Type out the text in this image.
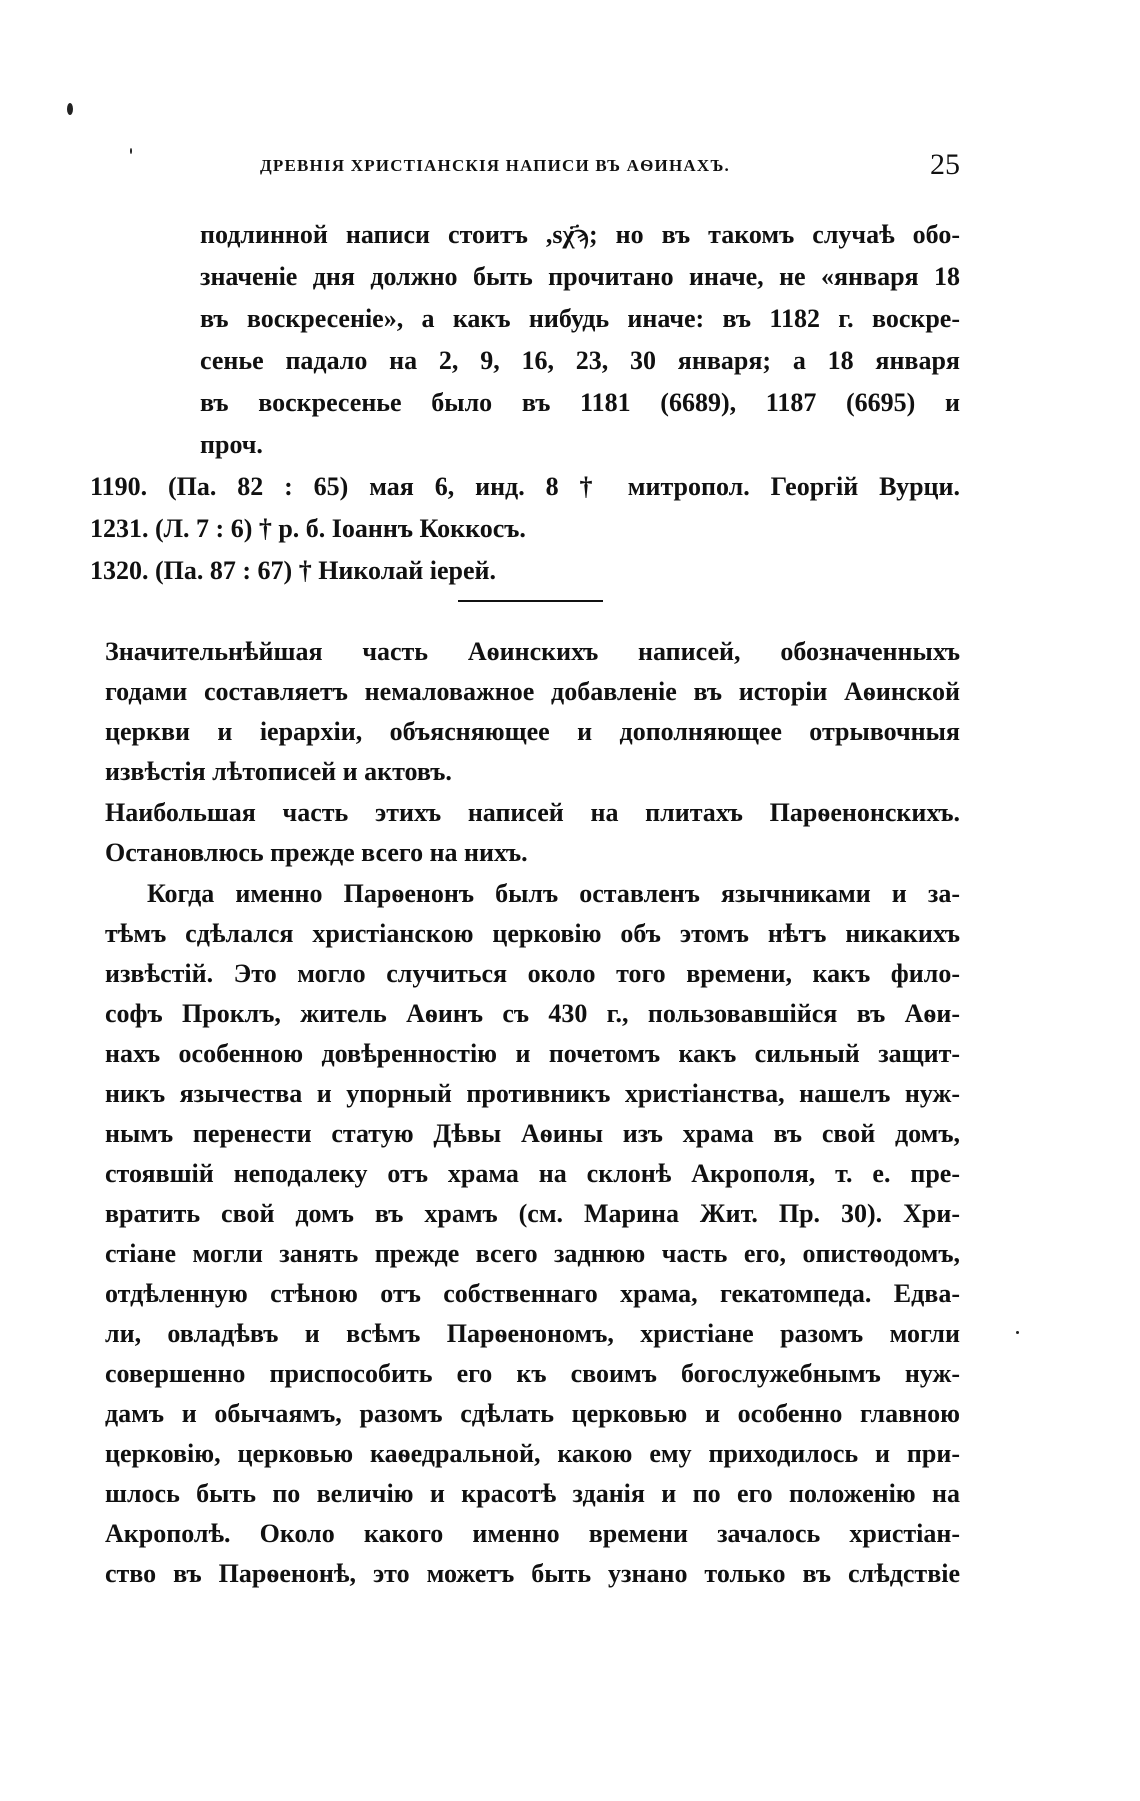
ДРЕВНІЯ ХРИСТІАНСКІЯ НАПИСИ ВЪ АѲИНАХЪ.	25
подлинной написи стоитъ ,sχ҃ϡ; но въ такомъ случаѣ обо-
значеніе дня должно быть прочитано иначе, не «января 18
въ воскресеніе», а какъ нибудь иначе: въ 1182 г. воскре-
сенье падало на 2, 9, 16, 23, 30 января; а 18 января
въ воскресенье было въ 1181 (6689), 1187 (6695) и
проч.
1190. (Па. 82 : 65) мая 6, инд. 8 † митропол. Георгій Вурци.
1231. (Л. 7 : 6) † р. б. Іоаннъ Коккосъ.
1320. (Па. 87 : 67) † Николай іерей.
Значительнѣйшая часть Аѳинскихъ написей, обозначенныхъ
годами составляетъ немаловажное добавленіе въ исторіи Аѳинской
церкви и іерархіи, объясняющее и дополняющее отрывочныя
извѣстія лѣтописей и актовъ.
Наибольшая часть этихъ написей на плитахъ Парѳенонскихъ.
Остановлюсь прежде всего на нихъ.
Когда именно Парѳенонъ былъ оставленъ язычниками и за-
тѣмъ сдѣлался христіанскою церковію объ этомъ нѣтъ никакихъ
извѣстій. Это могло случиться около того времени, какъ фило-
софъ Проклъ, житель Аѳинъ съ 430 г., пользовавшійся въ Аѳи-
нахъ особенною довѣренностію и почетомъ какъ сильный защит-
никъ язычества и упорный противникъ христіанства, нашелъ нуж-
нымъ перенести статую Дѣвы Аѳины изъ храма въ свой домъ,
стоявшій неподалеку отъ храма на склонѣ Акрополя, т. е. пре-
вратить свой домъ въ храмъ (см. Марина Жит. Пр. 30). Хри-
стіане могли занять прежде всего заднюю часть его, опистѳодомъ,
отдѣленную стѣною отъ собственнаго храма, гекатомпеда. Едва-
ли, овладѣвъ и всѣмъ Парѳенономъ, христiане разомъ могли
совершенно приспособить его къ своимъ богослужебнымъ нуж-
дамъ и обычаямъ, разомъ сдѣлать церковью и особенно главною
церковію, церковью каѳедральной, какою ему приходилось и при-
шлось быть по величію и красотѣ зданія и по его положенію на
Акрополѣ. Около какого именно времени зачалось христіан-
ство въ Парѳенонѣ, это можетъ быть узнано только въ слѣдствіе
